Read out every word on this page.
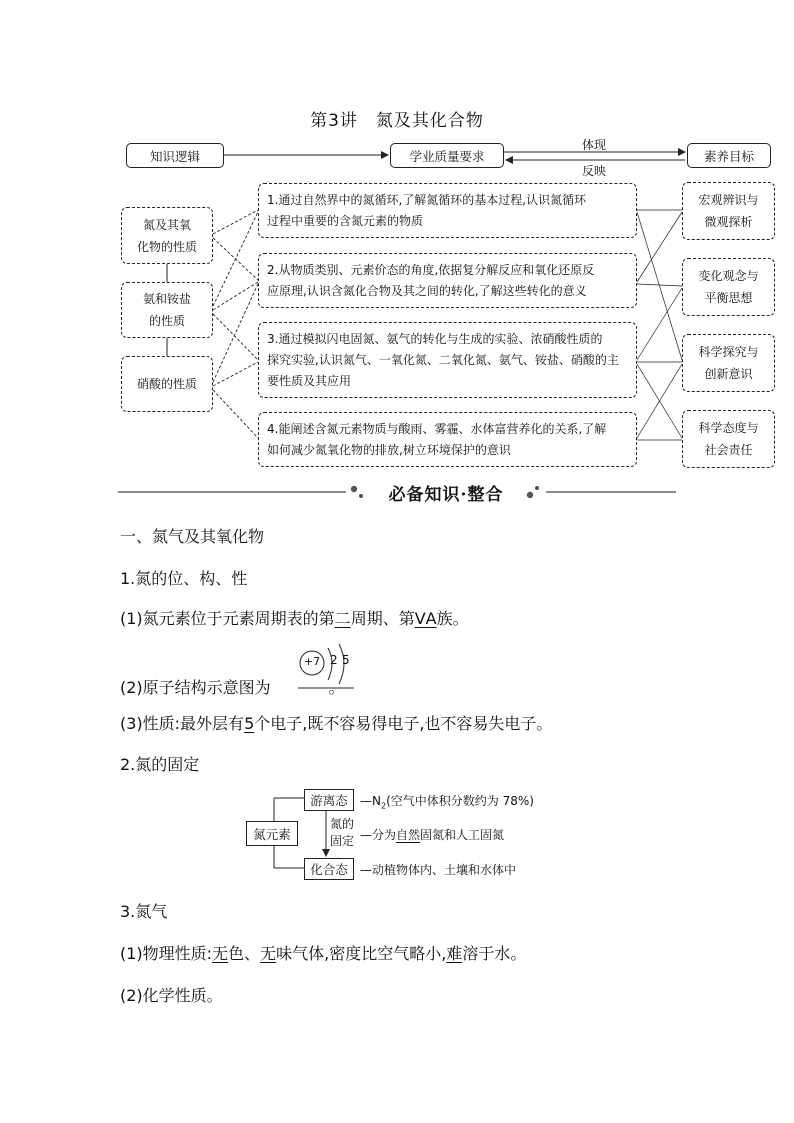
第3讲　氮及其化合物
知识逻辑	学业质量要求	素养目标
体现
反映
氮及其氧
化物的性质
氨和铵盐
的性质
硝酸的性质
1.通过自然界中的氮循环,了解氮循环的基本过程,认识氮循环
过程中重要的含氮元素的物质
2.从物质类别、元素价态的角度,依据复分解反应和氧化还原反
应原理,认识含氮化合物及其之间的转化,了解这些转化的意义
3.通过模拟闪电固氮、氨气的转化与生成的实验、浓硝酸性质的
探究实验,认识氮气、一氧化氮、二氧化氮、氨气、铵盐、硝酸的主
要性质及其应用
4.能阐述含氮元素物质与酸雨、雾霾、水体富营养化的关系,了解
如何减少氮氧化物的排放,树立环境保护的意识
宏观辨识与
微观探析
变化观念与
平衡思想
科学探究与
创新意识
科学态度与
社会责任
必备知识·整合
一、氮气及其氧化物
1.氮的位、构、性
(1)氮元素位于元素周期表的第二周期、第ⅤA族。
(2)原子结构示意图为	。
+7 2 5
(3)性质:最外层有5个电子,既不容易得电子,也不容易失电子。
2.氮的固定
氮元素
游离态
化合态
氮的
固定
$—N_2$(空气中体积分数约为 78%)
—分为自然固氮和人工固氮
—动植物体内、土壤和水体中
3.氮气
(1)物理性质:无色、无味气体,密度比空气略小,难溶于水。
(2)化学性质。
